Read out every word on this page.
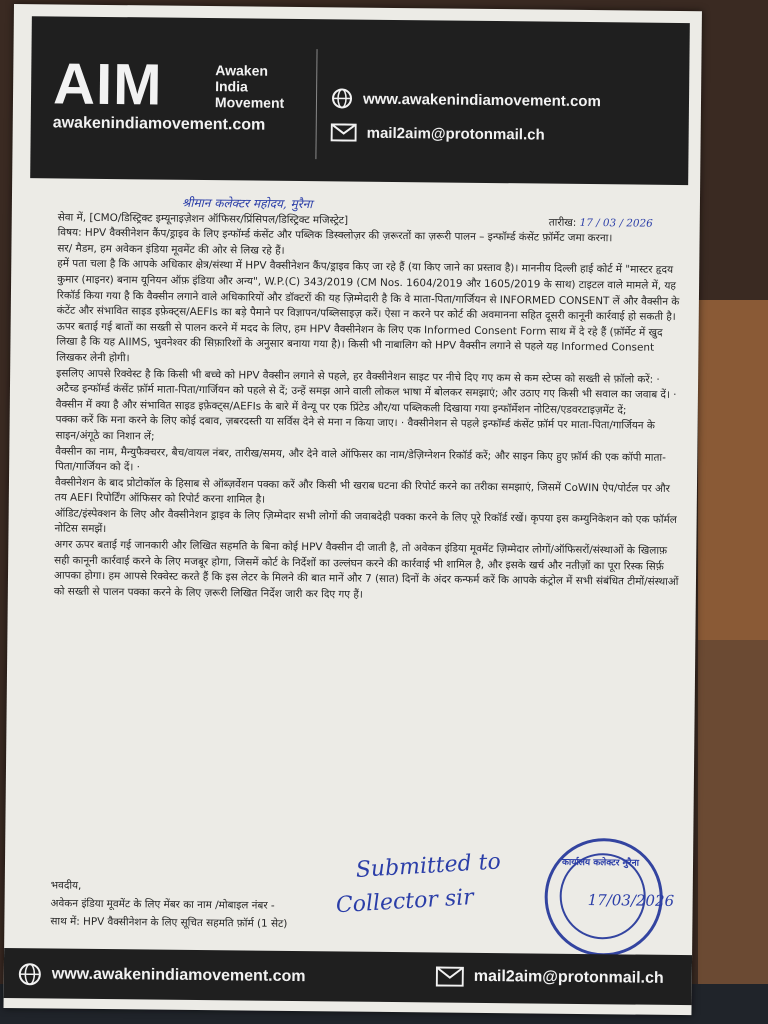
AIM	Awaken
India
Movement
awakenindiamovement.com
www.awakenindiamovement.com
mail2aim@protonmail.ch

श्रीमान कलेक्टर महोदय, मुरैना

सेवा में, [CMO/डिस्ट्रिक्ट इम्यूनाइज़ेशन ऑफिसर/प्रिंसिपल/डिस्ट्रिक्ट मजिस्ट्रेट]	तारीख: 17 / 03 / 2026

विषय: HPV वैक्सीनेशन कैंप/ड्राइव के लिए इन्फॉर्म्ड कंसेंट और पब्लिक डिस्क्लोज़र की ज़रूरतों का ज़रूरी पालन – इन्फॉर्म्ड कंसेंट फ़ॉर्मेट जमा करना।

सर/ मैडम, हम अवेकन इंडिया मूवमेंट की ओर से लिख रहे हैं।

हमें पता चला है कि आपके अधिकार क्षेत्र/संस्था में HPV वैक्सीनेशन कैंप/ड्राइव किए जा रहे हैं (या किए जाने का प्रस्ताव है)। माननीय दिल्ली हाई कोर्ट में "मास्टर हृदय कुमार (माइनर) बनाम यूनियन ऑफ़ इंडिया और अन्य", W.P.(C) 343/2019 (CM Nos. 1604/2019 और 1605/2019 के साथ) टाइटल वाले मामले में, यह रिकॉर्ड किया गया है कि वैक्सीन लगाने वाले अधिकारियों और डॉक्टरों की यह ज़िम्मेदारी है कि वे माता-पिता/गार्जियन से INFORMED CONSENT लें और वैक्सीन के कंटेंट और संभावित साइड इफ़ेक्ट्स/AEFIs का बड़े पैमाने पर विज्ञापन/पब्लिसाइज़ करें। ऐसा न करने पर कोर्ट की अवमानना सहित दूसरी कानूनी कार्रवाई हो सकती है।

ऊपर बताई गई बातों का सख्ती से पालन करने में मदद के लिए, हम HPV वैक्सीनेशन के लिए एक Informed Consent Form साथ में दे रहे हैं (फ़ॉर्मेट में खुद लिखा है कि यह AIIMS, भुवनेश्वर की सिफ़ारिशों के अनुसार बनाया गया है)। किसी भी नाबालिग को HPV वैक्सीन लगाने से पहले यह Informed Consent लिखकर लेनी होगी।

इसलिए आपसे रिक्वेस्ट है कि किसी भी बच्चे को HPV वैक्सीन लगाने से पहले, हर वैक्सीनेशन साइट पर नीचे दिए गए कम से कम स्टेप्स को सख्ती से फ़ॉलो करें: ·

अटैच्ड इन्फॉर्म्ड कंसेंट फ़ॉर्म माता-पिता/गार्जियन को पहले से दें; उन्हें समझ आने वाली लोकल भाषा में बोलकर समझाएं; और उठाए गए किसी भी सवाल का जवाब दें। ·

वैक्सीन में क्या है और संभावित साइड इफ़ेक्ट्स/AEFIs के बारे में वेन्यू पर एक प्रिंटेड और/या पब्लिकली दिखाया गया इन्फॉर्मेशन नोटिस/एडवरटाइज़मेंट दें;

पक्का करें कि मना करने के लिए कोई दबाव, ज़बरदस्ती या सर्विस देने से मना न किया जाए। · वैक्सीनेशन से पहले इन्फॉर्म्ड कंसेंट फ़ॉर्म पर माता-पिता/गार्जियन के साइन/अंगूठे का निशान लें;

वैक्सीन का नाम, मैन्युफैक्चरर, बैच/वायल नंबर, तारीख/समय, और देने वाले ऑफिसर का नाम/डेज़िग्नेशन रिकॉर्ड करें; और साइन किए हुए फ़ॉर्म की एक कॉपी माता-पिता/गार्जियन को दें। ·

वैक्सीनेशन के बाद प्रोटोकॉल के हिसाब से ऑब्ज़र्वेशन पक्का करें और किसी भी खराब घटना की रिपोर्ट करने का तरीका समझाएं, जिसमें CoWIN ऐप/पोर्टल पर और तय AEFI रिपोर्टिंग ऑफिसर को रिपोर्ट करना शामिल है।

ऑडिट/इंस्पेक्शन के लिए और वैक्सीनेशन ड्राइव के लिए ज़िम्मेदार सभी लोगों की जवाबदेही पक्का करने के लिए पूरे रिकॉर्ड रखें। कृपया इस कम्युनिकेशन को एक फॉर्मल नोटिस समझें।

अगर ऊपर बताई गई जानकारी और लिखित सहमति के बिना कोई HPV वैक्सीन दी जाती है, तो अवेकन इंडिया मूवमेंट ज़िम्मेदार लोगों/ऑफिसरों/संस्थाओं के खिलाफ़ सही कानूनी कार्रवाई करने के लिए मजबूर होगा, जिसमें कोर्ट के निर्देशों का उल्लंघन करने की कार्रवाई भी शामिल है, और इसके खर्च और नतीज़ों का पूरा रिस्क सिर्फ़ आपका होगा। हम आपसे रिक्वेस्ट करते हैं कि इस लेटर के मिलने की बात मानें और 7 (सात) दिनों के अंदर कन्फर्म करें कि आपके कंट्रोल में सभी संबंधित टीमों/संस्थाओं को सख्ती से पालन पक्का करने के लिए ज़रूरी लिखित निर्देश जारी कर दिए गए हैं।

भवदीय,
अवेकन इंडिया मूवमेंट के लिए मेंबर का नाम /मोबाइल नंबर -
साथ में: HPV वैक्सीनेशन के लिए सूचित सहमति फ़ॉर्म (1 सेट)
Submitted to
Collector sir
कार्यालय कलेक्टर मुरैना
17/03/2026
www.awakenindiamovement.com	mail2aim@protonmail.ch
